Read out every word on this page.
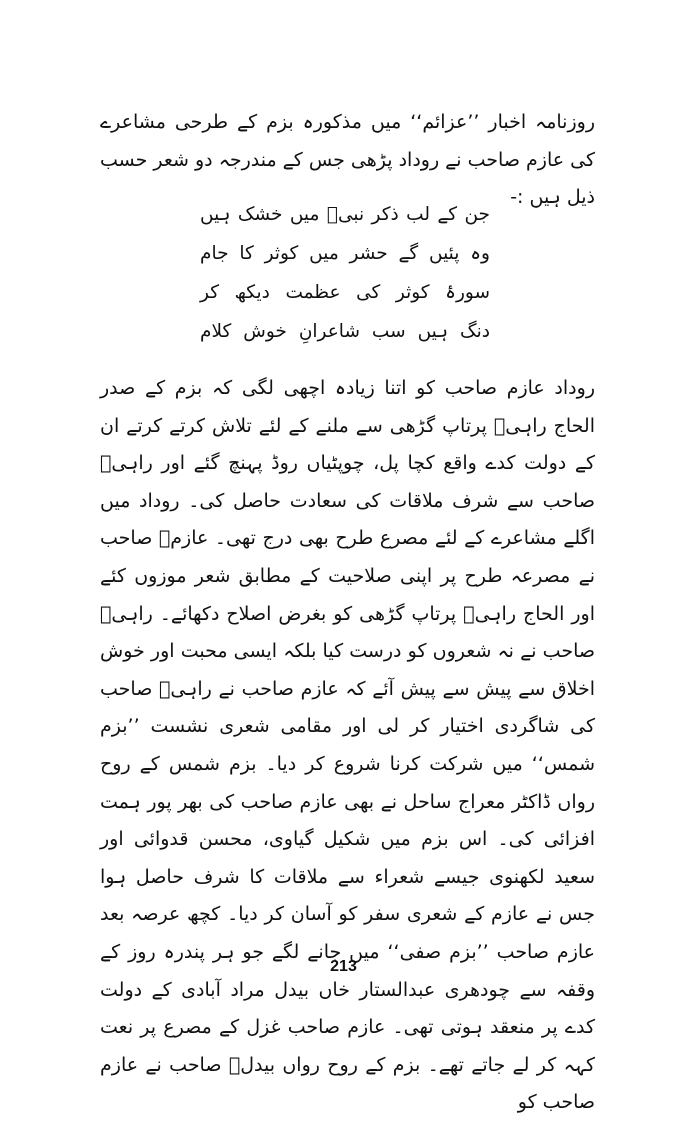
روزنامہ اخبار ’’عزائم‘‘ میں مذکورہ بزم کے طرحی مشاعرے کی عازم صاحب نے روداد پڑھی جس کے مندرجہ دو شعر حسب ذیل ہیں :-

جن کے لب ذکر نبیؐ میں خشک ہیں

وہ پئیں گے حشر میں کوثر کا جام

سورۂ کوثر کی عظمت دیکھ کر

دنگ ہیں سب شاعرانِ خوش کلام

روداد عازم صاحب کو اتنا زیادہ اچھی لگی کہ بزم کے صدر الحاج راہیؔ پرتاپ گڑھی سے ملنے کے لئے تلاش کرتے کرتے ان کے دولت کدے واقع کچا پل، چوپٹیاں روڈ پہنچ گئے اور راہیؔ صاحب سے شرف ملاقات کی سعادت حاصل کی۔ روداد میں اگلے مشاعرے کے لئے مصرع طرح بھی درج تھی۔ عازمؔ صاحب نے مصرعہ طرح پر اپنی صلاحیت کے مطابق شعر موزوں کئے اور الحاج راہیؔ پرتاپ گڑھی کو بغرض اصلاح دکھائے۔ راہیؔ صاحب نے نہ شعروں کو درست کیا بلکہ ایسی محبت اور خوش اخلاق سے پیش سے پیش آئے کہ عازم صاحب نے راہیؔ صاحب کی شاگردی اختیار کر لی اور مقامی شعری نشست ’’بزم شمس‘‘ میں شرکت کرنا شروع کر دیا۔ بزم شمس کے روح رواں ڈاکٹر معراج ساحل نے بھی عازم صاحب کی بھر پور ہمت افزائی کی۔ اس بزم میں شکیل گیاوی، محسن قدوائی اور سعید لکھنوی جیسے شعراء سے ملاقات کا شرف حاصل ہوا جس نے عازم کے شعری سفر کو آسان کر دیا۔ کچھ عرصہ بعد عازم صاحب ’’بزم صفی‘‘ میں جانے لگے جو ہر پندرہ روز کے وقفہ سے چودھری عبدالستار خاں بیدل مراد آبادی کے دولت کدے پر منعقد ہوتی تھی۔ عازم صاحب غزل کے مصرع پر نعت کہہ کر لے جاتے تھے۔ بزم کے روح رواں بیدلؔ صاحب نے عازم صاحب کو

213
